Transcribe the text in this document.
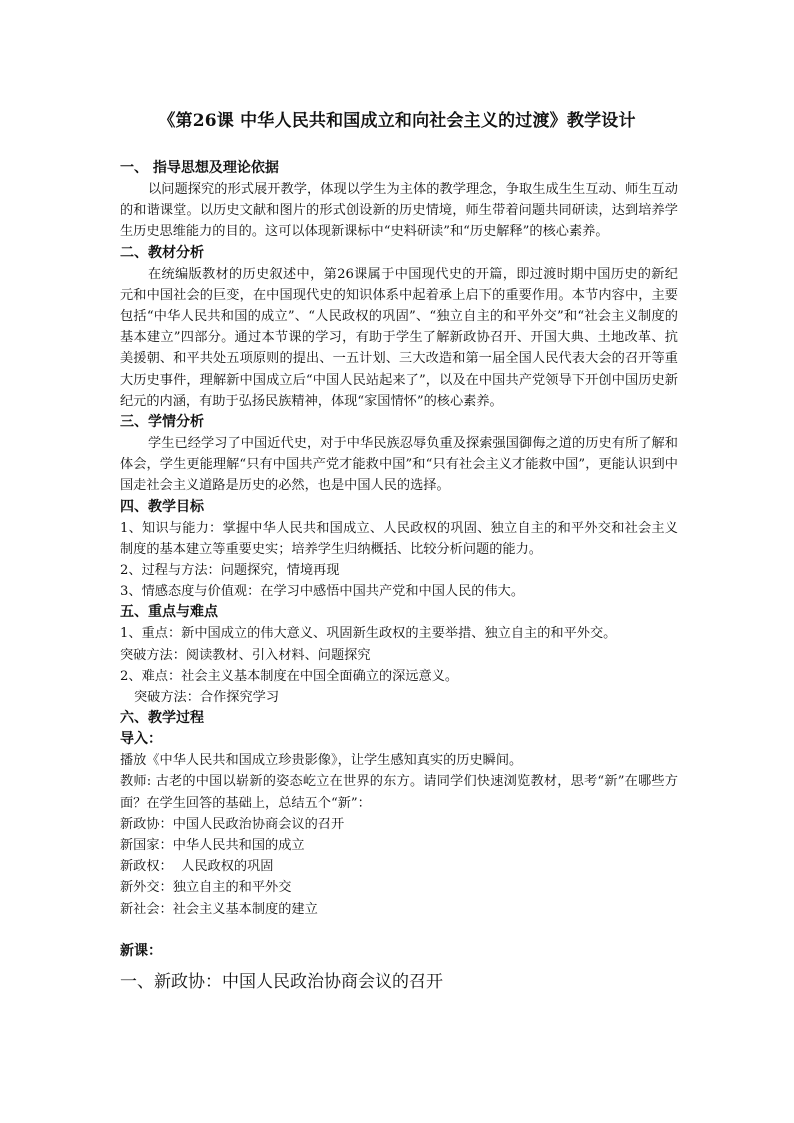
《第26课 中华人民共和国成立和向社会主义的过渡》教学设计

一、 指导思想及理论依据

以问题探究的形式展开教学，体现以学生为主体的教学理念，争取生成生生互动、师生互动的和谐课堂。以历史文献和图片的形式创设新的历史情境，师生带着问题共同研读，达到培养学生历史思维能力的目的。这可以体现新课标中“史料研读”和“历史解释”的核心素养。

二、教材分析

在统编版教材的历史叙述中，第26课属于中国现代史的开篇，即过渡时期中国历史的新纪元和中国社会的巨变，在中国现代史的知识体系中起着承上启下的重要作用。本节内容中，主要包括“中华人民共和国的成立”、“人民政权的巩固”、“独立自主的和平外交”和“社会主义制度的基本建立”四部分。通过本节课的学习，有助于学生了解新政协召开、开国大典、土地改革、抗美援朝、和平共处五项原则的提出、一五计划、三大改造和第一届全国人民代表大会的召开等重大历史事件，理解新中国成立后“中国人民站起来了”，以及在中国共产党领导下开创中国历史新纪元的内涵，有助于弘扬民族精神，体现“家国情怀”的核心素养。

三、学情分析

学生已经学习了中国近代史，对于中华民族忍辱负重及探索强国御侮之道的历史有所了解和体会，学生更能理解“只有中国共产党才能救中国”和“只有社会主义才能救中国”，更能认识到中国走社会主义道路是历史的必然，也是中国人民的选择。

四、教学目标

1、知识与能力：掌握中华人民共和国成立、人民政权的巩固、独立自主的和平外交和社会主义制度的基本建立等重要史实；培养学生归纳概括、比较分析问题的能力。

2、过程与方法：问题探究，情境再现

3、情感态度与价值观：在学习中感悟中国共产党和中国人民的伟大。

五、重点与难点

1、重点：新中国成立的伟大意义、巩固新生政权的主要举措、独立自主的和平外交。

突破方法：阅读教材、引入材料、问题探究

2、难点：社会主义基本制度在中国全面确立的深远意义。

突破方法：合作探究学习

六、教学过程

导入：

播放《中华人民共和国成立珍贵影像》，让学生感知真实的历史瞬间。

教师: 古老的中国以崭新的姿态屹立在世界的东方。请同学们快速浏览教材，思考“新”在哪些方面？在学生回答的基础上，总结五个“新”：

新政协：中国人民政治协商会议的召开

新国家：中华人民共和国的成立

新政权：  人民政权的巩固

新外交：独立自主的和平外交

新社会：社会主义基本制度的建立

新课：

一、新政协：中国人民政治协商会议的召开
